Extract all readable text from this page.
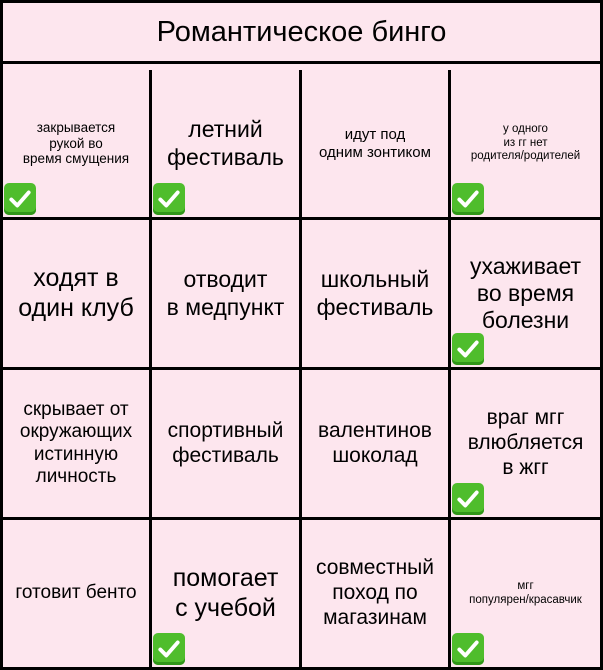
Романтическое бинго
закрывается
рукой во
время смущения
летний
фестиваль
идут под
одним зонтиком
у одного
из гг нет
родителя/родителей
ходят в
один клуб
отводит
в медпункт
школьный
фестиваль
ухаживает
во время
болезни
скрывает от
окружающих
истинную
личность
спортивный
фестиваль
валентинов
шоколад
враг мгг
влюбляется
в жгг
готовит бенто
помогает
с учебой
совместный
поход по
магазинам
мгг
популярен/красавчик
